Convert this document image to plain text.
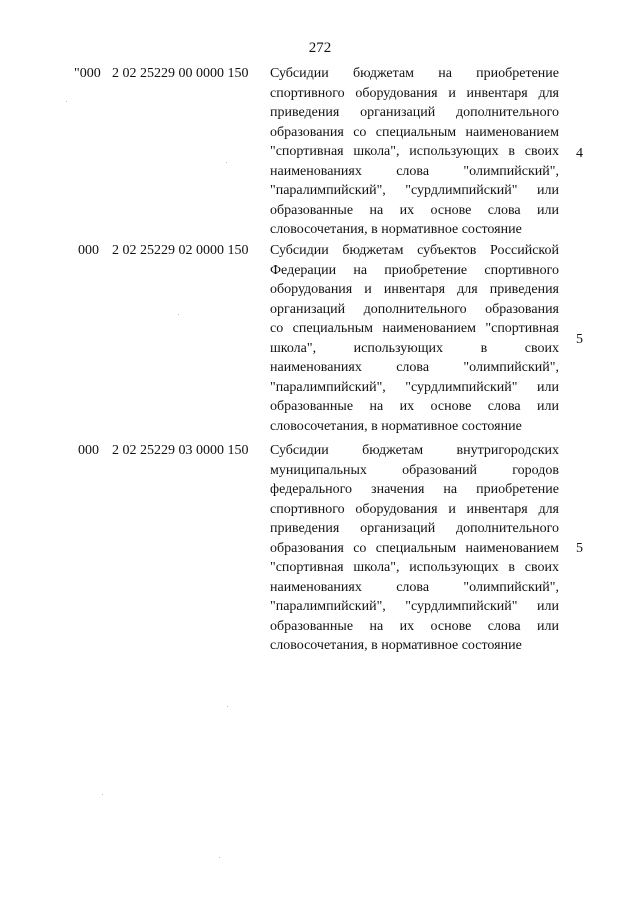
272
"000 2 02 25229 00 0000 150 Субсидии бюджетам на приобретение
спортивного оборудования и инвентаря для
приведения организаций дополнительного
образования со специальным наименованием
"спортивная школа", использующих в своих
наименованиях слова "олимпийский",
"паралимпийский", "сурдлимпийский" или
образованные на их основе слова или
словосочетания, в нормативное состояние
4
000 2 02 25229 02 0000 150 Субсидии бюджетам субъектов Российской
Федерации на приобретение спортивного
оборудования и инвентаря для приведения
организаций дополнительного образования
со специальным наименованием "спортивная
школа", использующих в своих
наименованиях слова "олимпийский",
"паралимпийский", "сурдлимпийский" или
образованные на их основе слова или
словосочетания, в нормативное состояние
5
000 2 02 25229 03 0000 150 Субсидии бюджетам внутригородских
муниципальных образований городов
федерального значения на приобретение
спортивного оборудования и инвентаря для
приведения организаций дополнительного
образования со специальным наименованием
"спортивная школа", использующих в своих
наименованиях слова "олимпийский",
"паралимпийский", "сурдлимпийский" или
образованные на их основе слова или
словосочетания, в нормативное состояние
5
